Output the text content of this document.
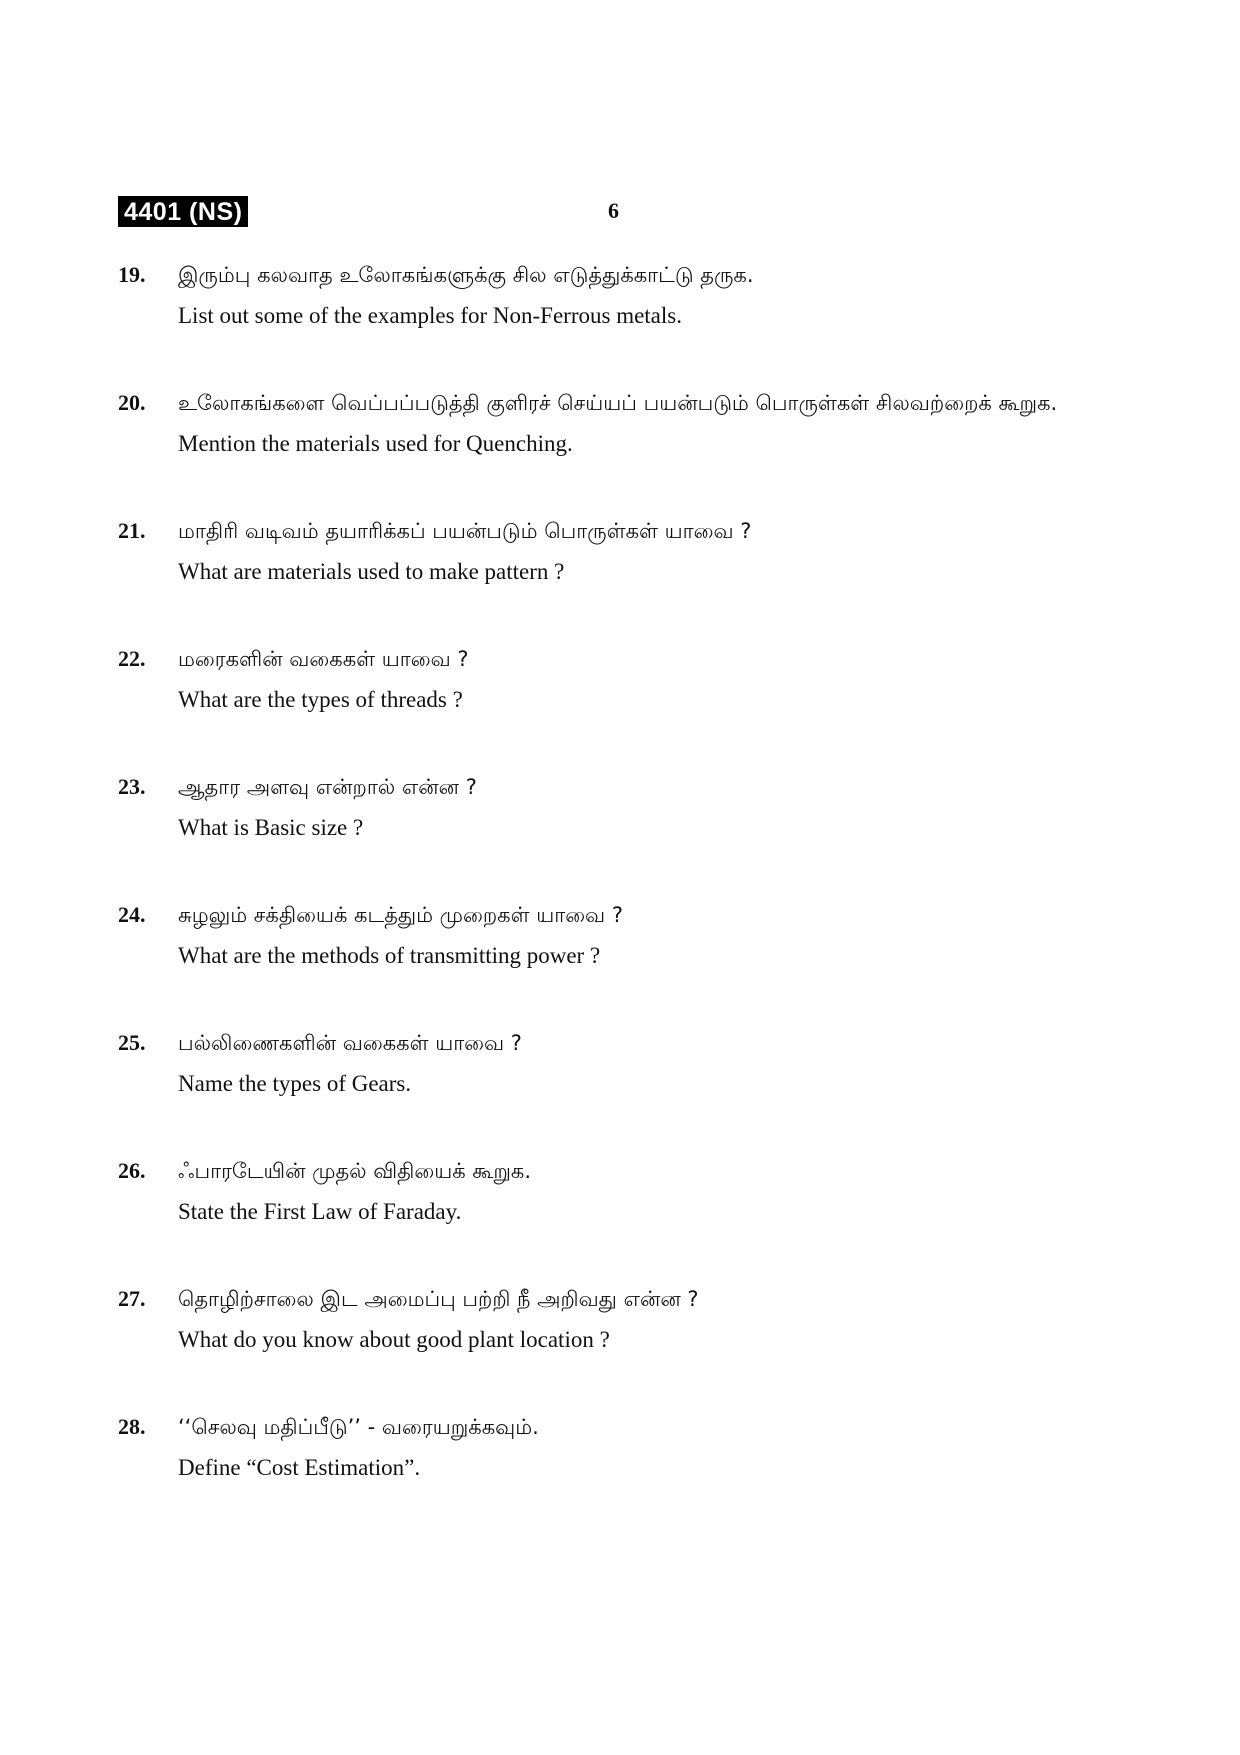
4401 (NS)	6
19. இரும்பு கலவாத உலோகங்களுக்கு சில எடுத்துக்காட்டு தருக.

List out some of the examples for Non-Ferrous metals.

20. உலோகங்களை வெப்பப்படுத்தி குளிரச் செய்யப் பயன்படும் பொருள்கள் சிலவற்றைக் கூறுக.

Mention the materials used for Quenching.

21. மாதிரி வடிவம் தயாரிக்கப் பயன்படும் பொருள்கள் யாவை ?

What are materials used to make pattern ?

22. மரைகளின் வகைகள் யாவை ?

What are the types of threads ?

23. ஆதார அளவு என்றால் என்ன ?

What is Basic size ?

24. சுழலும் சக்தியைக் கடத்தும் முறைகள் யாவை ?

What are the methods of transmitting power ?

25. பல்லிணைகளின் வகைகள் யாவை ?

Name the types of Gears.

26. ஃபாரடேயின் முதல் விதியைக் கூறுக.

State the First Law of Faraday.

27. தொழிற்சாலை இட அமைப்பு பற்றி நீ அறிவது என்ன ?

What do you know about good plant location ?

28. ‘‘செலவு மதிப்பீடு’’ - வரையறுக்கவும்.

Define “Cost Estimation”.
